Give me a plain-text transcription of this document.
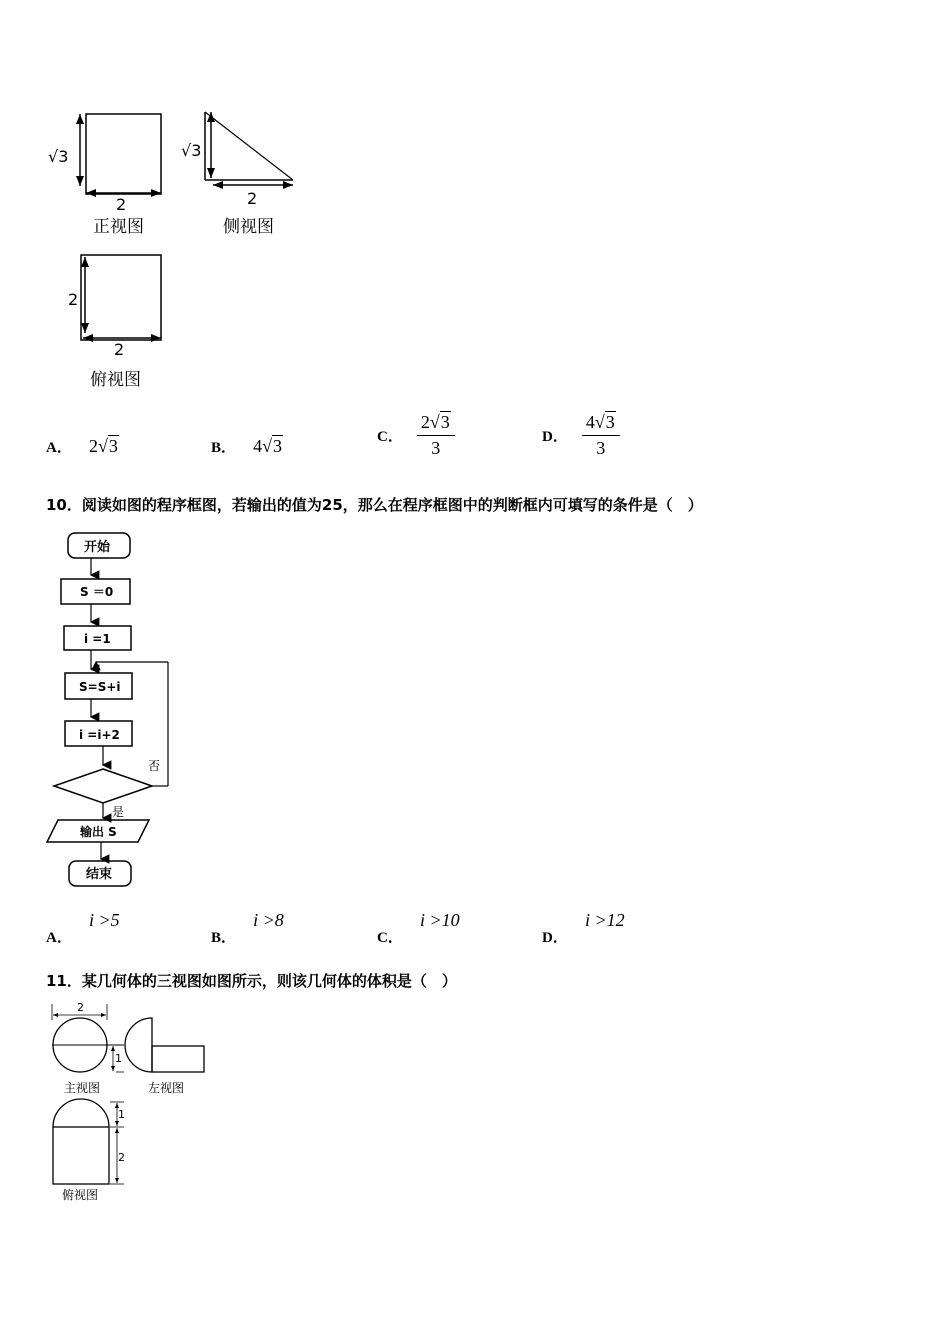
√3
2
正视图
√3
2
侧视图
2
2
俯视图
A． 2√3	B． 4√3	C． $\frac{2√3}{3}$	D． $\frac{4√3}{3}$
10．阅读如图的程序框图，若输出的值为25，那么在程序框图中的判断框内可填写的条件是（　）
开始
S ＝0
i =1
S=S+i
i =i+2
否
是
输出 S
结束
A． i >5
B． i >8
C． i >10
D． i >12
11．某几何体的三视图如图所示，则该几何体的体积是（　）
2
1
主视图	左视图
1
2
俯视图
